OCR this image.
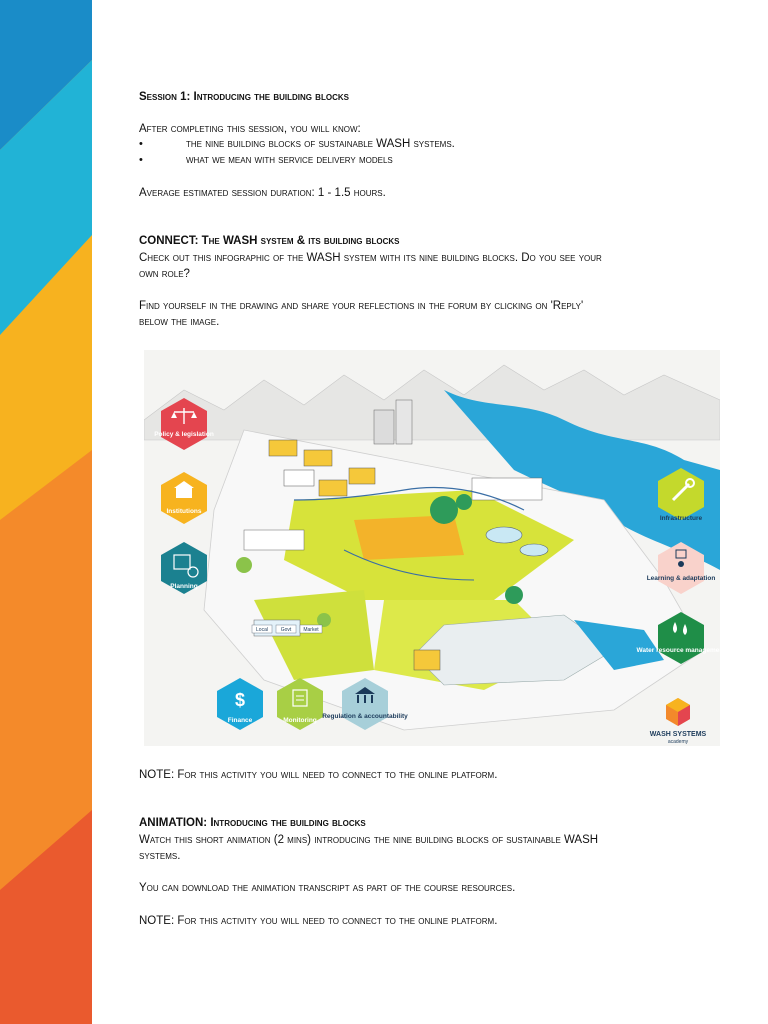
Session 1: Introducing the building blocks
After completing this session, you will know:
•	the nine building blocks of sustainable WASH systems.
•	what we mean with service delivery models
Average estimated session duration: 1 - 1.5 hours.
CONNECT: The WASH system & its building blocks
Check out this infographic of the WASH system with its nine building blocks. Do you see your
own role?
Find yourself in the drawing and share your reflections in the forum by clicking on 'Reply'
below the image.
NOTE: For this activity you will need to connect to the online platform.
ANIMATION: Introducing the building blocks
Watch this short animation (2 mins) introducing the nine building blocks of sustainable WASH
systems.
You can download the animation transcript as part of the course resources.
NOTE: For this activity you will need to connect to the online platform.
Local	Govt Market
Policy & legislation
Institutions
Planning
$
Finance	Monitoring
Regulation & accountability
Infrastructure
Learning & adaptation
Water resource management
WASH SYSTEMS
academy
